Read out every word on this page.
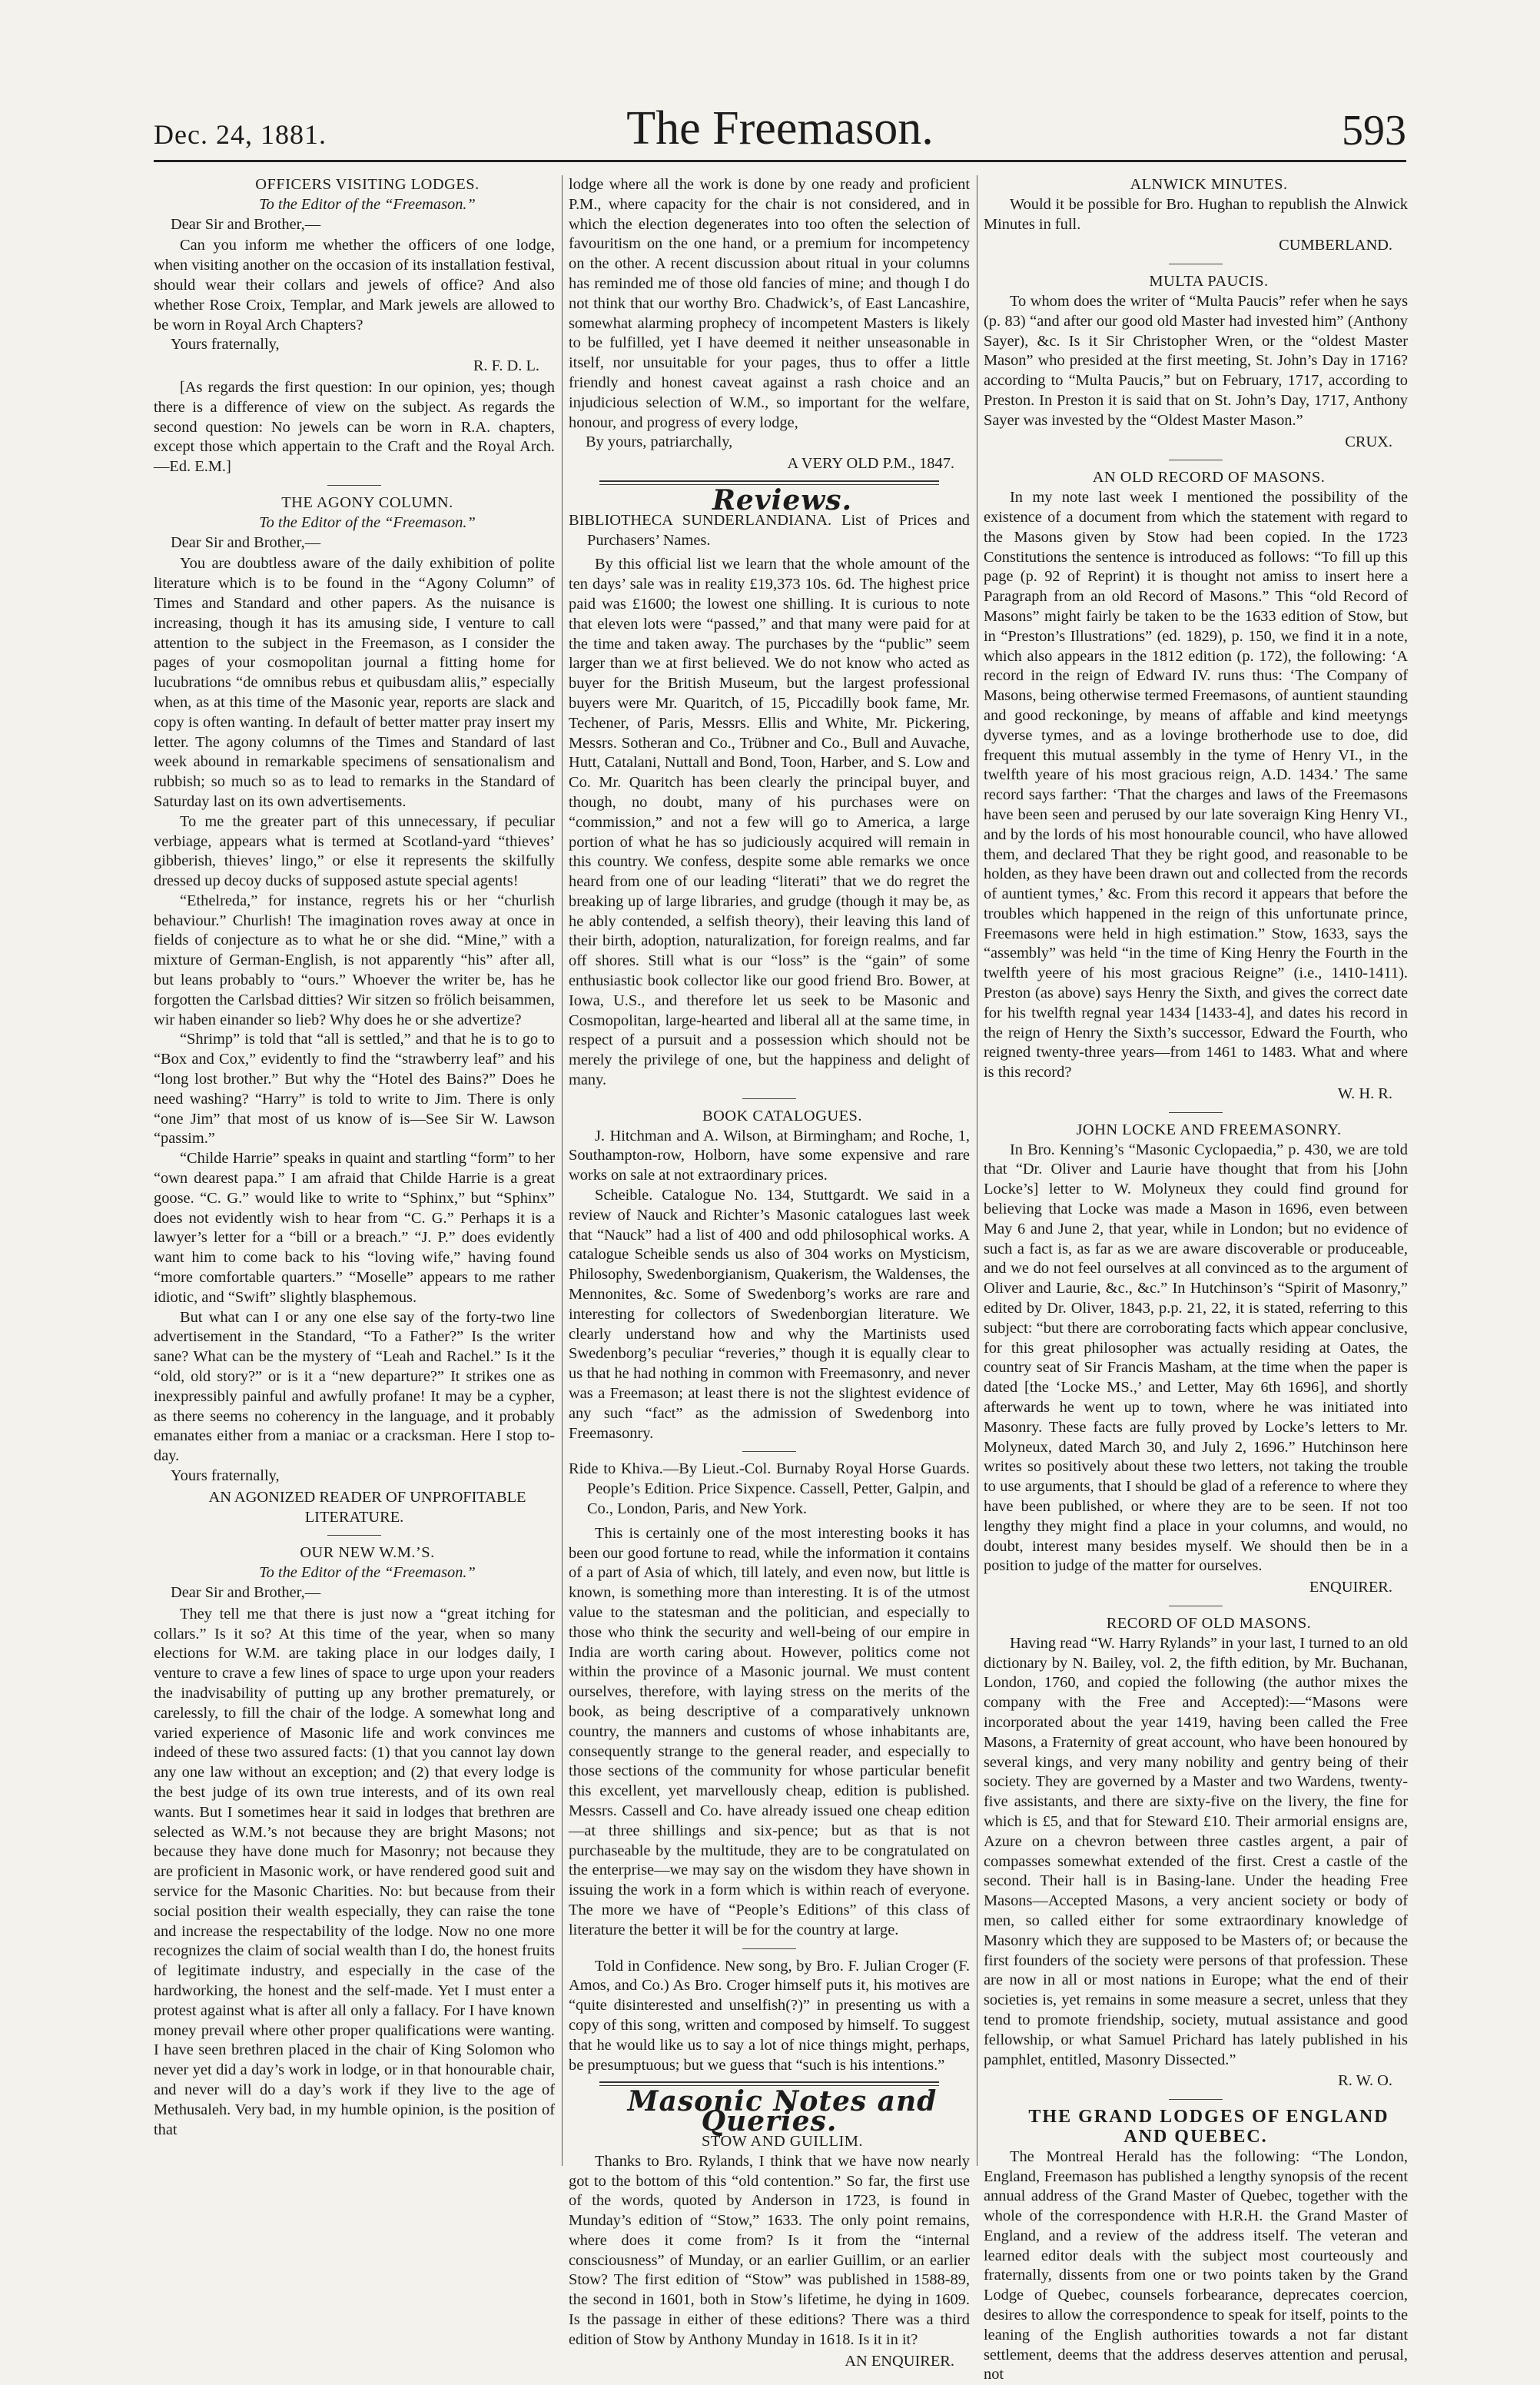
Dec. 24, 1881.	The Freemason.	593

OFFICERS VISITING LODGES.

To the Editor of the “Freemason.”

Dear Sir and Brother,—

Can you inform me whether the officers of one lodge, when visiting another on the occasion of its installation festival, should wear their collars and jewels of office? And also whether Rose Croix, Templar, and Mark jewels are allowed to be worn in Royal Arch Chapters?

Yours fraternally,

R. F. D. L.

[As regards the first question: In our opinion, yes; though there is a difference of view on the subject. As regards the second question: No jewels can be worn in R.A. chapters, except those which appertain to the Craft and the Royal Arch.—Ed. E.M.]

THE AGONY COLUMN.

To the Editor of the “Freemason.”

Dear Sir and Brother,—

You are doubtless aware of the daily exhibition of polite literature which is to be found in the “Agony Column” of Times and Standard and other papers. As the nuisance is increasing, though it has its amusing side, I venture to call attention to the subject in the Freemason, as I consider the pages of your cosmopolitan journal a fitting home for lucubrations “de omnibus rebus et quibusdam aliis,” especially when, as at this time of the Masonic year, reports are slack and copy is often wanting. In default of better matter pray insert my letter. The agony columns of the Times and Standard of last week abound in remarkable specimens of sensationalism and rubbish; so much so as to lead to remarks in the Standard of Saturday last on its own advertisements.

To me the greater part of this unnecessary, if peculiar verbiage, appears what is termed at Scotland-yard “thieves’ gibberish, thieves’ lingo,” or else it represents the skilfully dressed up decoy ducks of supposed astute special agents!

“Ethelreda,” for instance, regrets his or her “churlish behaviour.” Churlish! The imagination roves away at once in fields of conjecture as to what he or she did. “Mine,” with a mixture of German-English, is not apparently “his” after all, but leans probably to “ours.” Whoever the writer be, has he forgotten the Carlsbad ditties? Wir sitzen so frölich beisammen, wir haben einander so lieb? Why does he or she advertize?

“Shrimp” is told that “all is settled,” and that he is to go to “Box and Cox,” evidently to find the “strawberry leaf” and his “long lost brother.” But why the “Hotel des Bains?” Does he need washing? “Harry” is told to write to Jim. There is only “one Jim” that most of us know of is—See Sir W. Lawson “passim.”

“Childe Harrie” speaks in quaint and startling “form” to her “own dearest papa.” I am afraid that Childe Harrie is a great goose. “C. G.” would like to write to “Sphinx,” but “Sphinx” does not evidently wish to hear from “C. G.” Perhaps it is a lawyer’s letter for a “bill or a breach.” “J. P.” does evidently want him to come back to his “loving wife,” having found “more comfortable quarters.” “Moselle” appears to me rather idiotic, and “Swift” slightly blasphemous.

But what can I or any one else say of the forty-two line advertisement in the Standard, “To a Father?” Is the writer sane? What can be the mystery of “Leah and Rachel.” Is it the “old, old story?” or is it a “new departure?” It strikes one as inexpressibly painful and awfully profane! It may be a cypher, as there seems no coherency in the language, and it probably emanates either from a maniac or a cracksman. Here I stop to-day.

Yours fraternally,

AN AGONIZED READER OF UNPROFITABLE LITERATURE.

OUR NEW W.M.’S.

To the Editor of the “Freemason.”

Dear Sir and Brother,—

They tell me that there is just now a “great itching for collars.” Is it so? At this time of the year, when so many elections for W.M. are taking place in our lodges daily, I venture to crave a few lines of space to urge upon your readers the inadvisability of putting up any brother prematurely, or carelessly, to fill the chair of the lodge. A somewhat long and varied experience of Masonic life and work convinces me indeed of these two assured facts: (1) that you cannot lay down any one law without an exception; and (2) that every lodge is the best judge of its own true interests, and of its own real wants. But I sometimes hear it said in lodges that brethren are selected as W.M.’s not because they are bright Masons; not because they have done much for Masonry; not because they are proficient in Masonic work, or have rendered good suit and service for the Masonic Charities. No: but because from their social position their wealth especially, they can raise the tone and increase the respectability of the lodge. Now no one more recognizes the claim of social wealth than I do, the honest fruits of legitimate industry, and especially in the case of the hardworking, the honest and the self-made. Yet I must enter a protest against what is after all only a fallacy. For I have known money prevail where other proper qualifications were wanting. I have seen brethren placed in the chair of King Solomon who never yet did a day’s work in lodge, or in that honourable chair, and never will do a day’s work if they live to the age of Methusaleh. Very bad, in my humble opinion, is the position of that

lodge where all the work is done by one ready and proficient P.M., where capacity for the chair is not considered, and in which the election degenerates into too often the selection of favouritism on the one hand, or a premium for incompetency on the other. A recent discussion about ritual in your columns has reminded me of those old fancies of mine; and though I do not think that our worthy Bro. Chadwick’s, of East Lancashire, somewhat alarming prophecy of incompetent Masters is likely to be fulfilled, yet I have deemed it neither unseasonable in itself, nor unsuitable for your pages, thus to offer a little friendly and honest caveat against a rash choice and an injudicious selection of W.M., so important for the welfare, honour, and progress of every lodge,

By yours, patriarchally,

A VERY OLD P.M., 1847.

Reviews.

BIBLIOTHECA SUNDERLANDIANA. List of Prices and Purchasers’ Names.

By this official list we learn that the whole amount of the ten days’ sale was in reality £19,373 10s. 6d. The highest price paid was £1600; the lowest one shilling. It is curious to note that eleven lots were “passed,” and that many were paid for at the time and taken away. The purchases by the “public” seem larger than we at first believed. We do not know who acted as buyer for the British Museum, but the largest professional buyers were Mr. Quaritch, of 15, Piccadilly book fame, Mr. Techener, of Paris, Messrs. Ellis and White, Mr. Pickering, Messrs. Sotheran and Co., Trübner and Co., Bull and Auvache, Hutt, Catalani, Nuttall and Bond, Toon, Harber, and S. Low and Co. Mr. Quaritch has been clearly the principal buyer, and though, no doubt, many of his purchases were on “commission,” and not a few will go to America, a large portion of what he has so judiciously acquired will remain in this country. We confess, despite some able remarks we once heard from one of our leading “literati” that we do regret the breaking up of large libraries, and grudge (though it may be, as he ably contended, a selfish theory), their leaving this land of their birth, adoption, naturalization, for foreign realms, and far off shores. Still what is our “loss” is the “gain” of some enthusiastic book collector like our good friend Bro. Bower, at Iowa, U.S., and therefore let us seek to be Masonic and Cosmopolitan, large-hearted and liberal all at the same time, in respect of a pursuit and a possession which should not be merely the privilege of one, but the happiness and delight of many.

BOOK CATALOGUES.

J. Hitchman and A. Wilson, at Birmingham; and Roche, 1, Southampton-row, Holborn, have some expensive and rare works on sale at not extraordinary prices.

Scheible. Catalogue No. 134, Stuttgardt. We said in a review of Nauck and Richter’s Masonic catalogues last week that “Nauck” had a list of 400 and odd philosophical works. A catalogue Scheible sends us also of 304 works on Mysticism, Philosophy, Swedenborgianism, Quakerism, the Waldenses, the Mennonites, &c. Some of Swedenborg’s works are rare and interesting for collectors of Swedenborgian literature. We clearly understand how and why the Martinists used Swedenborg’s peculiar “reveries,” though it is equally clear to us that he had nothing in common with Freemasonry, and never was a Freemason; at least there is not the slightest evidence of any such “fact” as the admission of Swedenborg into Freemasonry.

Ride to Khiva.—By Lieut.-Col. Burnaby Royal Horse Guards. People’s Edition. Price Sixpence. Cassell, Petter, Galpin, and Co., London, Paris, and New York.

This is certainly one of the most interesting books it has been our good fortune to read, while the information it contains of a part of Asia of which, till lately, and even now, but little is known, is something more than interesting. It is of the utmost value to the statesman and the politician, and especially to those who think the security and well-being of our empire in India are worth caring about. However, politics come not within the province of a Masonic journal. We must content ourselves, therefore, with laying stress on the merits of the book, as being descriptive of a comparatively unknown country, the manners and customs of whose inhabitants are, consequently strange to the general reader, and especially to those sections of the community for whose particular benefit this excellent, yet marvellously cheap, edition is published. Messrs. Cassell and Co. have already issued one cheap edition—at three shillings and six-pence; but as that is not purchaseable by the multitude, they are to be congratulated on the enterprise—we may say on the wisdom they have shown in issuing the work in a form which is within reach of everyone. The more we have of “People’s Editions” of this class of literature the better it will be for the country at large.

Told in Confidence. New song, by Bro. F. Julian Croger (F. Amos, and Co.) As Bro. Croger himself puts it, his motives are “quite disinterested and unselfish(?)” in presenting us with a copy of this song, written and composed by himself. To suggest that he would like us to say a lot of nice things might, perhaps, be presumptuous; but we guess that “such is his intentions.”

Masonic Notes and Queries.

STOW AND GUILLIM.

Thanks to Bro. Rylands, I think that we have now nearly got to the bottom of this “old contention.” So far, the first use of the words, quoted by Anderson in 1723, is found in Munday’s edition of “Stow,” 1633. The only point remains, where does it come from? Is it from the “internal consciousness” of Munday, or an earlier Guillim, or an earlier Stow? The first edition of “Stow” was published in 1588-89, the second in 1601, both in Stow’s lifetime, he dying in 1609. Is the passage in either of these editions? There was a third edition of Stow by Anthony Munday in 1618. Is it in it?

AN ENQUIRER.

ALNWICK MINUTES.

Would it be possible for Bro. Hughan to republish the Alnwick Minutes in full.

CUMBERLAND.

MULTA PAUCIS.

To whom does the writer of “Multa Paucis” refer when he says (p. 83) “and after our good old Master had invested him” (Anthony Sayer), &c. Is it Sir Christopher Wren, or the “oldest Master Mason” who presided at the first meeting, St. John’s Day in 1716? according to “Multa Paucis,” but on February, 1717, according to Preston. In Preston it is said that on St. John’s Day, 1717, Anthony Sayer was invested by the “Oldest Master Mason.”

CRUX.

AN OLD RECORD OF MASONS.

In my note last week I mentioned the possibility of the existence of a document from which the statement with regard to the Masons given by Stow had been copied. In the 1723 Constitutions the sentence is introduced as follows: “To fill up this page (p. 92 of Reprint) it is thought not amiss to insert here a Paragraph from an old Record of Masons.” This “old Record of Masons” might fairly be taken to be the 1633 edition of Stow, but in “Preston’s Illustrations” (ed. 1829), p. 150, we find it in a note, which also appears in the 1812 edition (p. 172), the following: ‘A record in the reign of Edward IV. runs thus: ‘The Company of Masons, being otherwise termed Freemasons, of auntient staunding and good reckoninge, by means of affable and kind meetyngs dyverse tymes, and as a lovinge brotherhode use to doe, did frequent this mutual assembly in the tyme of Henry VI., in the twelfth yeare of his most gracious reign, A.D. 1434.’ The same record says farther: ‘That the charges and laws of the Freemasons have been seen and perused by our late soveraign King Henry VI., and by the lords of his most honourable council, who have allowed them, and declared That they be right good, and reasonable to be holden, as they have been drawn out and collected from the records of auntient tymes,’ &c. From this record it appears that before the troubles which happened in the reign of this unfortunate prince, Freemasons were held in high estimation.” Stow, 1633, says the “assembly” was held “in the time of King Henry the Fourth in the twelfth yeere of his most gracious Reigne” (i.e., 1410-1411). Preston (as above) says Henry the Sixth, and gives the correct date for his twelfth regnal year 1434 [1433-4], and dates his record in the reign of Henry the Sixth’s successor, Edward the Fourth, who reigned twenty-three years—from 1461 to 1483. What and where is this record?

W. H. R.

JOHN LOCKE AND FREEMASONRY.

In Bro. Kenning’s “Masonic Cyclopaedia,” p. 430, we are told that “Dr. Oliver and Laurie have thought that from his [John Locke’s] letter to W. Molyneux they could find ground for believing that Locke was made a Mason in 1696, even between May 6 and June 2, that year, while in London; but no evidence of such a fact is, as far as we are aware discoverable or produceable, and we do not feel ourselves at all convinced as to the argument of Oliver and Laurie, &c., &c.” In Hutchinson’s “Spirit of Masonry,” edited by Dr. Oliver, 1843, p.p. 21, 22, it is stated, referring to this subject: “but there are corroborating facts which appear conclusive, for this great philosopher was actually residing at Oates, the country seat of Sir Francis Masham, at the time when the paper is dated [the ‘Locke MS.,’ and Letter, May 6th 1696], and shortly afterwards he went up to town, where he was initiated into Masonry. These facts are fully proved by Locke’s letters to Mr. Molyneux, dated March 30, and July 2, 1696.” Hutchinson here writes so positively about these two letters, not taking the trouble to use arguments, that I should be glad of a reference to where they have been published, or where they are to be seen. If not too lengthy they might find a place in your columns, and would, no doubt, interest many besides myself. We should then be in a position to judge of the matter for ourselves.

ENQUIRER.

RECORD OF OLD MASONS.

Having read “W. Harry Rylands” in your last, I turned to an old dictionary by N. Bailey, vol. 2, the fifth edition, by Mr. Buchanan, London, 1760, and copied the following (the author mixes the company with the Free and Accepted):—“Masons were incorporated about the year 1419, having been called the Free Masons, a Fraternity of great account, who have been honoured by several kings, and very many nobility and gentry being of their society. They are governed by a Master and two Wardens, twenty-five assistants, and there are sixty-five on the livery, the fine for which is £5, and that for Steward £10. Their armorial ensigns are, Azure on a chevron between three castles argent, a pair of compasses somewhat extended of the first. Crest a castle of the second. Their hall is in Basing-lane. Under the heading Free Masons—Accepted Masons, a very ancient society or body of men, so called either for some extraordinary knowledge of Masonry which they are supposed to be Masters of; or because the first founders of the society were persons of that profession. These are now in all or most nations in Europe; what the end of their societies is, yet remains in some measure a secret, unless that they tend to promote friendship, society, mutual assistance and good fellowship, or what Samuel Prichard has lately published in his pamphlet, entitled, Masonry Dissected.”

R. W. O.

THE GRAND LODGES OF ENGLAND AND QUEBEC.

The Montreal Herald has the following: “The London, England, Freemason has published a lengthy synopsis of the recent annual address of the Grand Master of Quebec, together with the whole of the correspondence with H.R.H. the Grand Master of England, and a review of the address itself. The veteran and learned editor deals with the subject most courteously and fraternally, dissents from one or two points taken by the Grand Lodge of Quebec, counsels forbearance, deprecates coercion, desires to allow the correspondence to speak for itself, points to the leaning of the English authorities towards a not far distant settlement, deems that the address deserves attention and perusal, not
